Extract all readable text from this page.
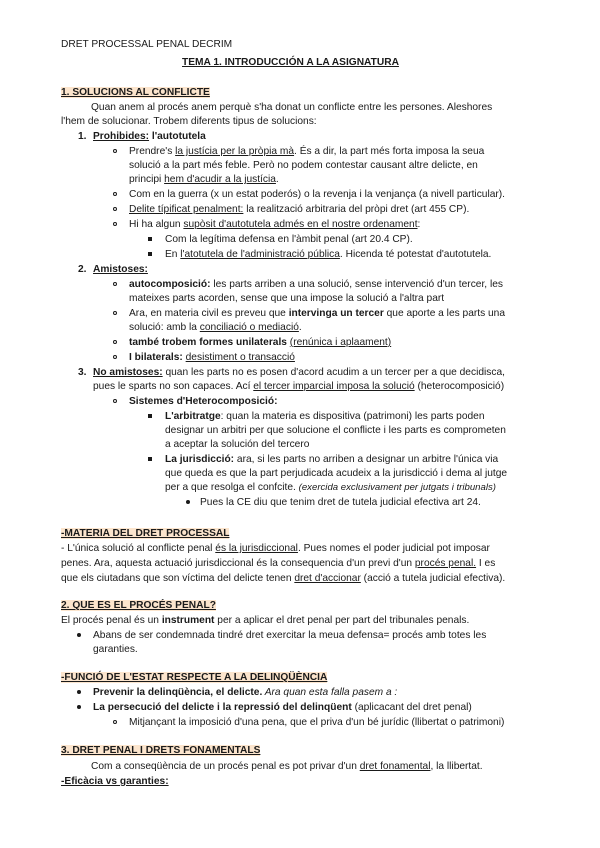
DRET PROCESSAL PENAL DECRIM
TEMA 1. INTRODUCCIÓN A LA ASIGNATURA
1. SOLUCIONS AL CONFLICTE
Quan anem al procés anem perquè s'ha donat un conflicte entre les persones. Aleshores
l'hem de solucionar. Trobem diferents tipus de solucions:
1. Prohibides: l'autotutela
Prendre's la justícia per la pròpia mà. És a dir, la part més forta imposa la seua
solució a la part més feble. Però no podem contestar causant altre delicte, en
principi hem d'acudir a la justícia.
Com en la guerra (x un estat poderós) o la revenja i la venjança (a nivell particular).
Delite típificat penalment: la realització arbitraria del pròpi dret (art 455 CP).
Hi ha algun supòsit d'autotutela admés en el nostre ordenament:
Com la legítima defensa en l'àmbit penal (art 20.4 CP).
En l'atotutela de l'administració pública. Hicenda té potestat d'autotutela.
2. Amistoses:
autocomposició: les parts arriben a una solució, sense intervenció d'un tercer, les
mateixes parts acorden, sense que una impose la solució a l'altra part
Ara, en materia civil es preveu que intervinga un tercer que aporte a les parts una
solució: amb la conciliació o mediació.
també trobem formes unilaterals (renúnica i aplaament)
I bilaterals: desistiment o transacció
3. No amistoses: quan les parts no es posen d'acord acudim a un tercer per a que decidisca,
pues le sparts no son capaces. Ací el tercer imparcial imposa la solució (heterocomposició)
Sistemes d'Heterocomposició:
L'arbitratge: quan la materia es dispositiva (patrimoni) les parts poden
designar un arbitri per que solucione el conflicte i les parts es comprometen
a aceptar la solución del tercero
La jurisdicció: ara, si les parts no arriben a designar un arbitre l'única via
que queda es que la part perjudicada acudeix a la jurisdicció i dema al jutge
per a que resolga el confcite. (exercida exclusivament per jutgats i tribunals)
Pues la CE diu que tenim dret de tutela judicial efectiva art 24.
-MATERIA DEL DRET PROCESSAL
- L'única solució al conflicte penal és la jurisdiccional. Pues nomes el poder judicial pot imposar
penes. Ara, aquesta actuació jurisdiccional és la consequencia d'un previ d'un procés penal. I es
que els ciutadans que son víctima del delicte tenen dret d'accionar (acció a tutela judicial efectiva).
2. QUE ES EL PROCÉS PENAL?
El procés penal és un instrument per a aplicar el dret penal per part del tribunales penals.
Abans de ser condemnada tindré dret exercitar la meua defensa= procés amb totes les
garanties.
-FUNCIÓ DE L'ESTAT RESPECTE A LA DELINQÜÈNCIA
Prevenir la delinqüència, el delicte. Ara quan esta falla pasem a :
La persecució del delicte i la repressió del delinqüent (aplicacant del dret penal)
Mitjançant la imposició d'una pena, que el priva d'un bé jurídic (llibertat o patrimoni)
3. DRET PENAL I DRETS FONAMENTALS
Com a conseqüència de un procés penal es pot privar d'un dret fonamental, la llibertat.
-Eficàcia vs garanties:
